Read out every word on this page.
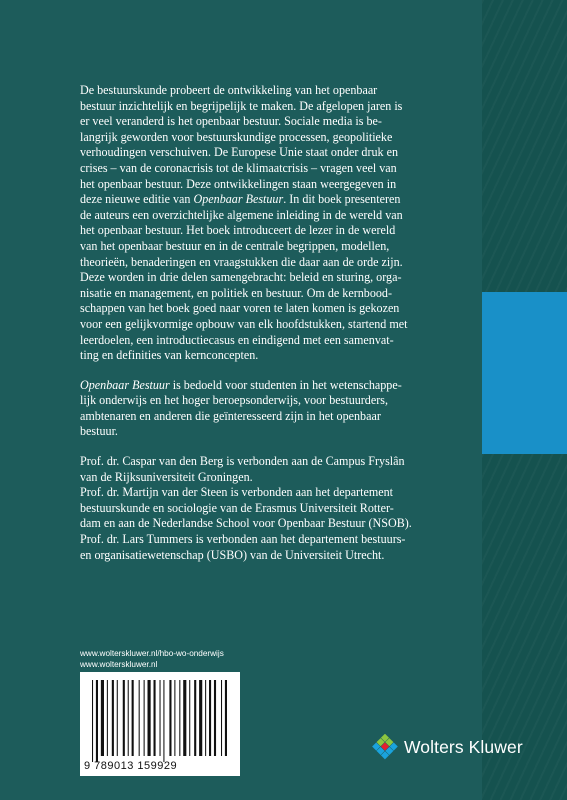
De bestuurskunde probeert de ontwikkeling van het openbaar
bestuur inzichtelijk en begrijpelijk te maken. De afgelopen jaren is
er veel veranderd is het openbaar bestuur. Sociale media is be-
langrijk geworden voor bestuurskundige processen, geopolitieke
verhoudingen verschuiven. De Europese Unie staat onder druk en
crises – van de coronacrisis tot de klimaatcrisis – vragen veel van
het openbaar bestuur. Deze ontwikkelingen staan weergegeven in
deze nieuwe editie van Openbaar Bestuur. In dit boek presenteren
de auteurs een overzichtelijke algemene inleiding in de wereld van
het openbaar bestuur. Het boek introduceert de lezer in de wereld
van het openbaar bestuur en in de centrale begrippen, modellen,
theorieën, benaderingen en vraagstukken die daar aan de orde zijn.
Deze worden in drie delen samengebracht: beleid en sturing, orga-
nisatie en management, en politiek en bestuur. Om de kernbood-
schappen van het boek goed naar voren te laten komen is gekozen
voor een gelijkvormige opbouw van elk hoofdstukken, startend met
leerdoelen, een introductiecasus en eindigend met een samenvat-
ting en definities van kernconcepten.

Openbaar Bestuur is bedoeld voor studenten in het wetenschappe-
lijk onderwijs en het hoger beroepsonderwijs, voor bestuurders,
ambtenaren en anderen die geïnteresseerd zijn in het openbaar
bestuur.

Prof. dr. Caspar van den Berg is verbonden aan de Campus Fryslân
van de Rijksuniversiteit Groningen.
Prof. dr. Martijn van der Steen is verbonden aan het departement
bestuurskunde en sociologie van de Erasmus Universiteit Rotter-
dam en aan de Nederlandse School voor Openbaar Bestuur (NSOB).
Prof. dr. Lars Tummers is verbonden aan het departement bestuurs-
en organisatiewetenschap (USBO) van de Universiteit Utrecht.

www.wolterskluwer.nl/hbo-wo-onderwijs
www.wolterskluwer.nl
9 789013 159929
Wolters Kluwer
